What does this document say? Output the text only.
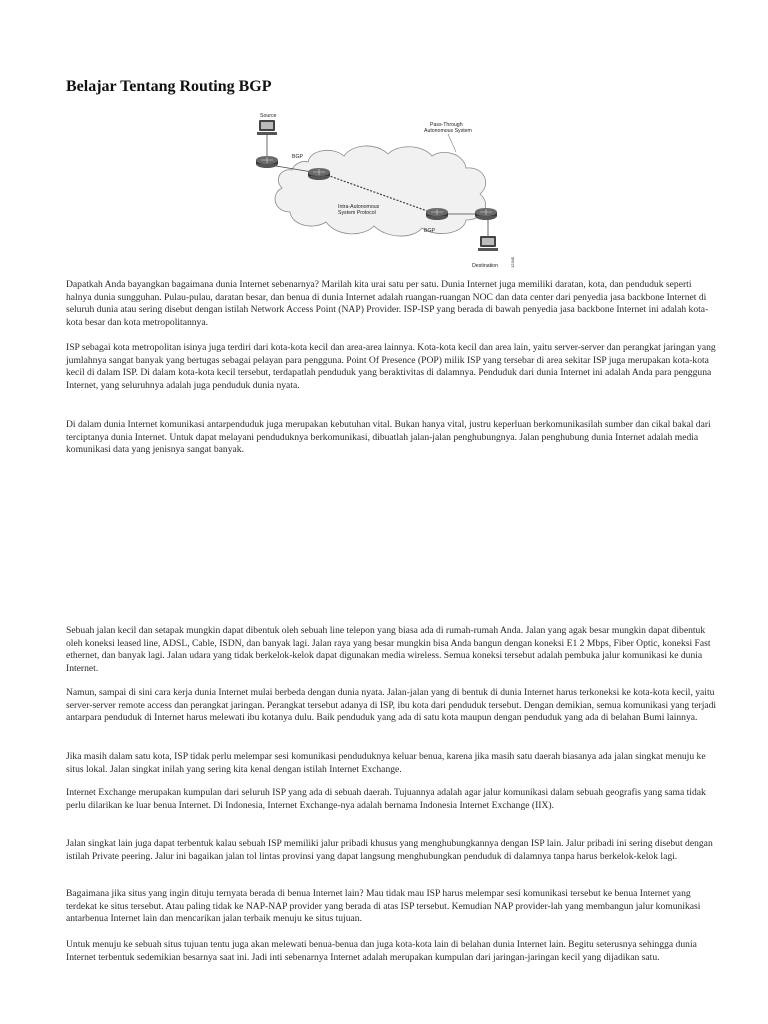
Belajar Tentang Routing BGP
Source
BGP
Pass-Through
Autonomous System
Intra-Autonomous
System Protocol
BGP
Destination	12345

Dapatkah Anda bayangkan bagaimana dunia Internet sebenarnya? Marilah kita urai satu per satu. Dunia Internet juga memiliki daratan, kota, dan penduduk seperti halnya dunia sungguhan. Pulau-pulau, daratan besar, dan benua di dunia Internet adalah ruangan-ruangan NOC dan data center dari penyedia jasa backbone Internet di seluruh dunia atau sering disebut dengan istilah Network Access Point (NAP) Provider. ISP-ISP yang berada di bawah penyedia jasa backbone Internet ini adalah kota-kota besar dan kota metropolitannya.

ISP sebagai kota metropolitan isinya juga terdiri dari kota-kota kecil dan area-area lainnya. Kota-kota kecil dan area lain, yaitu server-server dan perangkat jaringan yang jumlahnya sangat banyak yang bertugas sebagai pelayan para pengguna. Point Of Presence (POP) milik ISP yang tersebar di area sekitar ISP juga merupakan kota-kota kecil di dalam ISP. Di dalam kota-kota kecil tersebut, terdapatlah penduduk yang beraktivitas di dalamnya. Penduduk dari dunia Internet ini adalah Anda para pengguna Internet, yang seluruhnya adalah juga penduduk dunia nyata.

Di dalam dunia Internet komunikasi antarpenduduk juga merupakan kebutuhan vital. Bukan hanya vital, justru keperluan berkomunikasilah sumber dan cikal bakal dari terciptanya dunia Internet. Untuk dapat melayani penduduknya berkomunikasi, dibuatlah jalan-jalan penghubungnya. Jalan penghubung dunia Internet adalah media komunikasi data yang jenisnya sangat banyak.

Sebuah jalan kecil dan setapak mungkin dapat dibentuk oleh sebuah line telepon yang biasa ada di rumah-rumah Anda. Jalan yang agak besar mungkin dapat dibentuk oleh koneksi leased line, ADSL, Cable, ISDN, dan banyak lagi. Jalan raya yang besar mungkin bisa Anda bangun dengan koneksi E1 2 Mbps, Fiber Optic, koneksi Fast ethernet, dan banyak lagi. Jalan udara yang tidak berkelok-kelok dapat digunakan media wireless. Semua koneksi tersebut adalah pembuka jalur komunikasi ke dunia Internet.

Namun, sampai di sini cara kerja dunia Internet mulai berbeda dengan dunia nyata. Jalan-jalan yang di bentuk di dunia Internet harus terkoneksi ke kota-kota kecil, yaitu server-server remote access dan perangkat jaringan. Perangkat tersebut adanya di ISP, ibu kota dari penduduk tersebut. Dengan demikian, semua komunikasi yang terjadi antarpara penduduk di Internet harus melewati ibu kotanya dulu. Baik penduduk yang ada di satu kota maupun dengan penduduk yang ada di belahan Bumi lainnya.

Jika masih dalam satu kota, ISP tidak perlu melempar sesi komunikasi penduduknya keluar benua, karena jika masih satu daerah biasanya ada jalan singkat menuju ke situs lokal. Jalan singkat inilah yang sering kita kenal dengan istilah Internet Exchange.

Internet Exchange merupakan kumpulan dari seluruh ISP yang ada di sebuah daerah. Tujuannya adalah agar jalur komunikasi dalam sebuah geografis yang sama tidak perlu dilarikan ke luar benua Internet. Di Indonesia, Internet Exchange-nya adalah bernama Indonesia Internet Exchange (IIX).

Jalan singkat lain juga dapat terbentuk kalau sebuah ISP memiliki jalur pribadi khusus yang menghubungkannya dengan ISP lain. Jalur pribadi ini sering disebut dengan istilah Private peering. Jalur ini bagaikan jalan tol lintas provinsi yang dapat langsung menghubungkan penduduk di dalamnya tanpa harus berkelok-kelok lagi.

Bagaimana jika situs yang ingin dituju ternyata berada di benua Internet lain? Mau tidak mau ISP harus melempar sesi komunikasi tersebut ke benua Internet yang terdekat ke situs tersebut. Atau paling tidak ke NAP-NAP provider yang berada di atas ISP tersebut. Kemudian NAP provider-lah yang membangun jalur komunikasi antarbenua Internet lain dan mencarikan jalan terbaik menuju ke situs tujuan.

Untuk menuju ke sebuah situs tujuan tentu juga akan melewati benua-benua dan juga kota-kota lain di belahan dunia Internet lain. Begitu seterusnya sehingga dunia Internet terbentuk sedemikian besarnya saat ini. Jadi inti sebenarnya Internet adalah merupakan kumpulan dari jaringan-jaringan kecil yang dijadikan satu.
